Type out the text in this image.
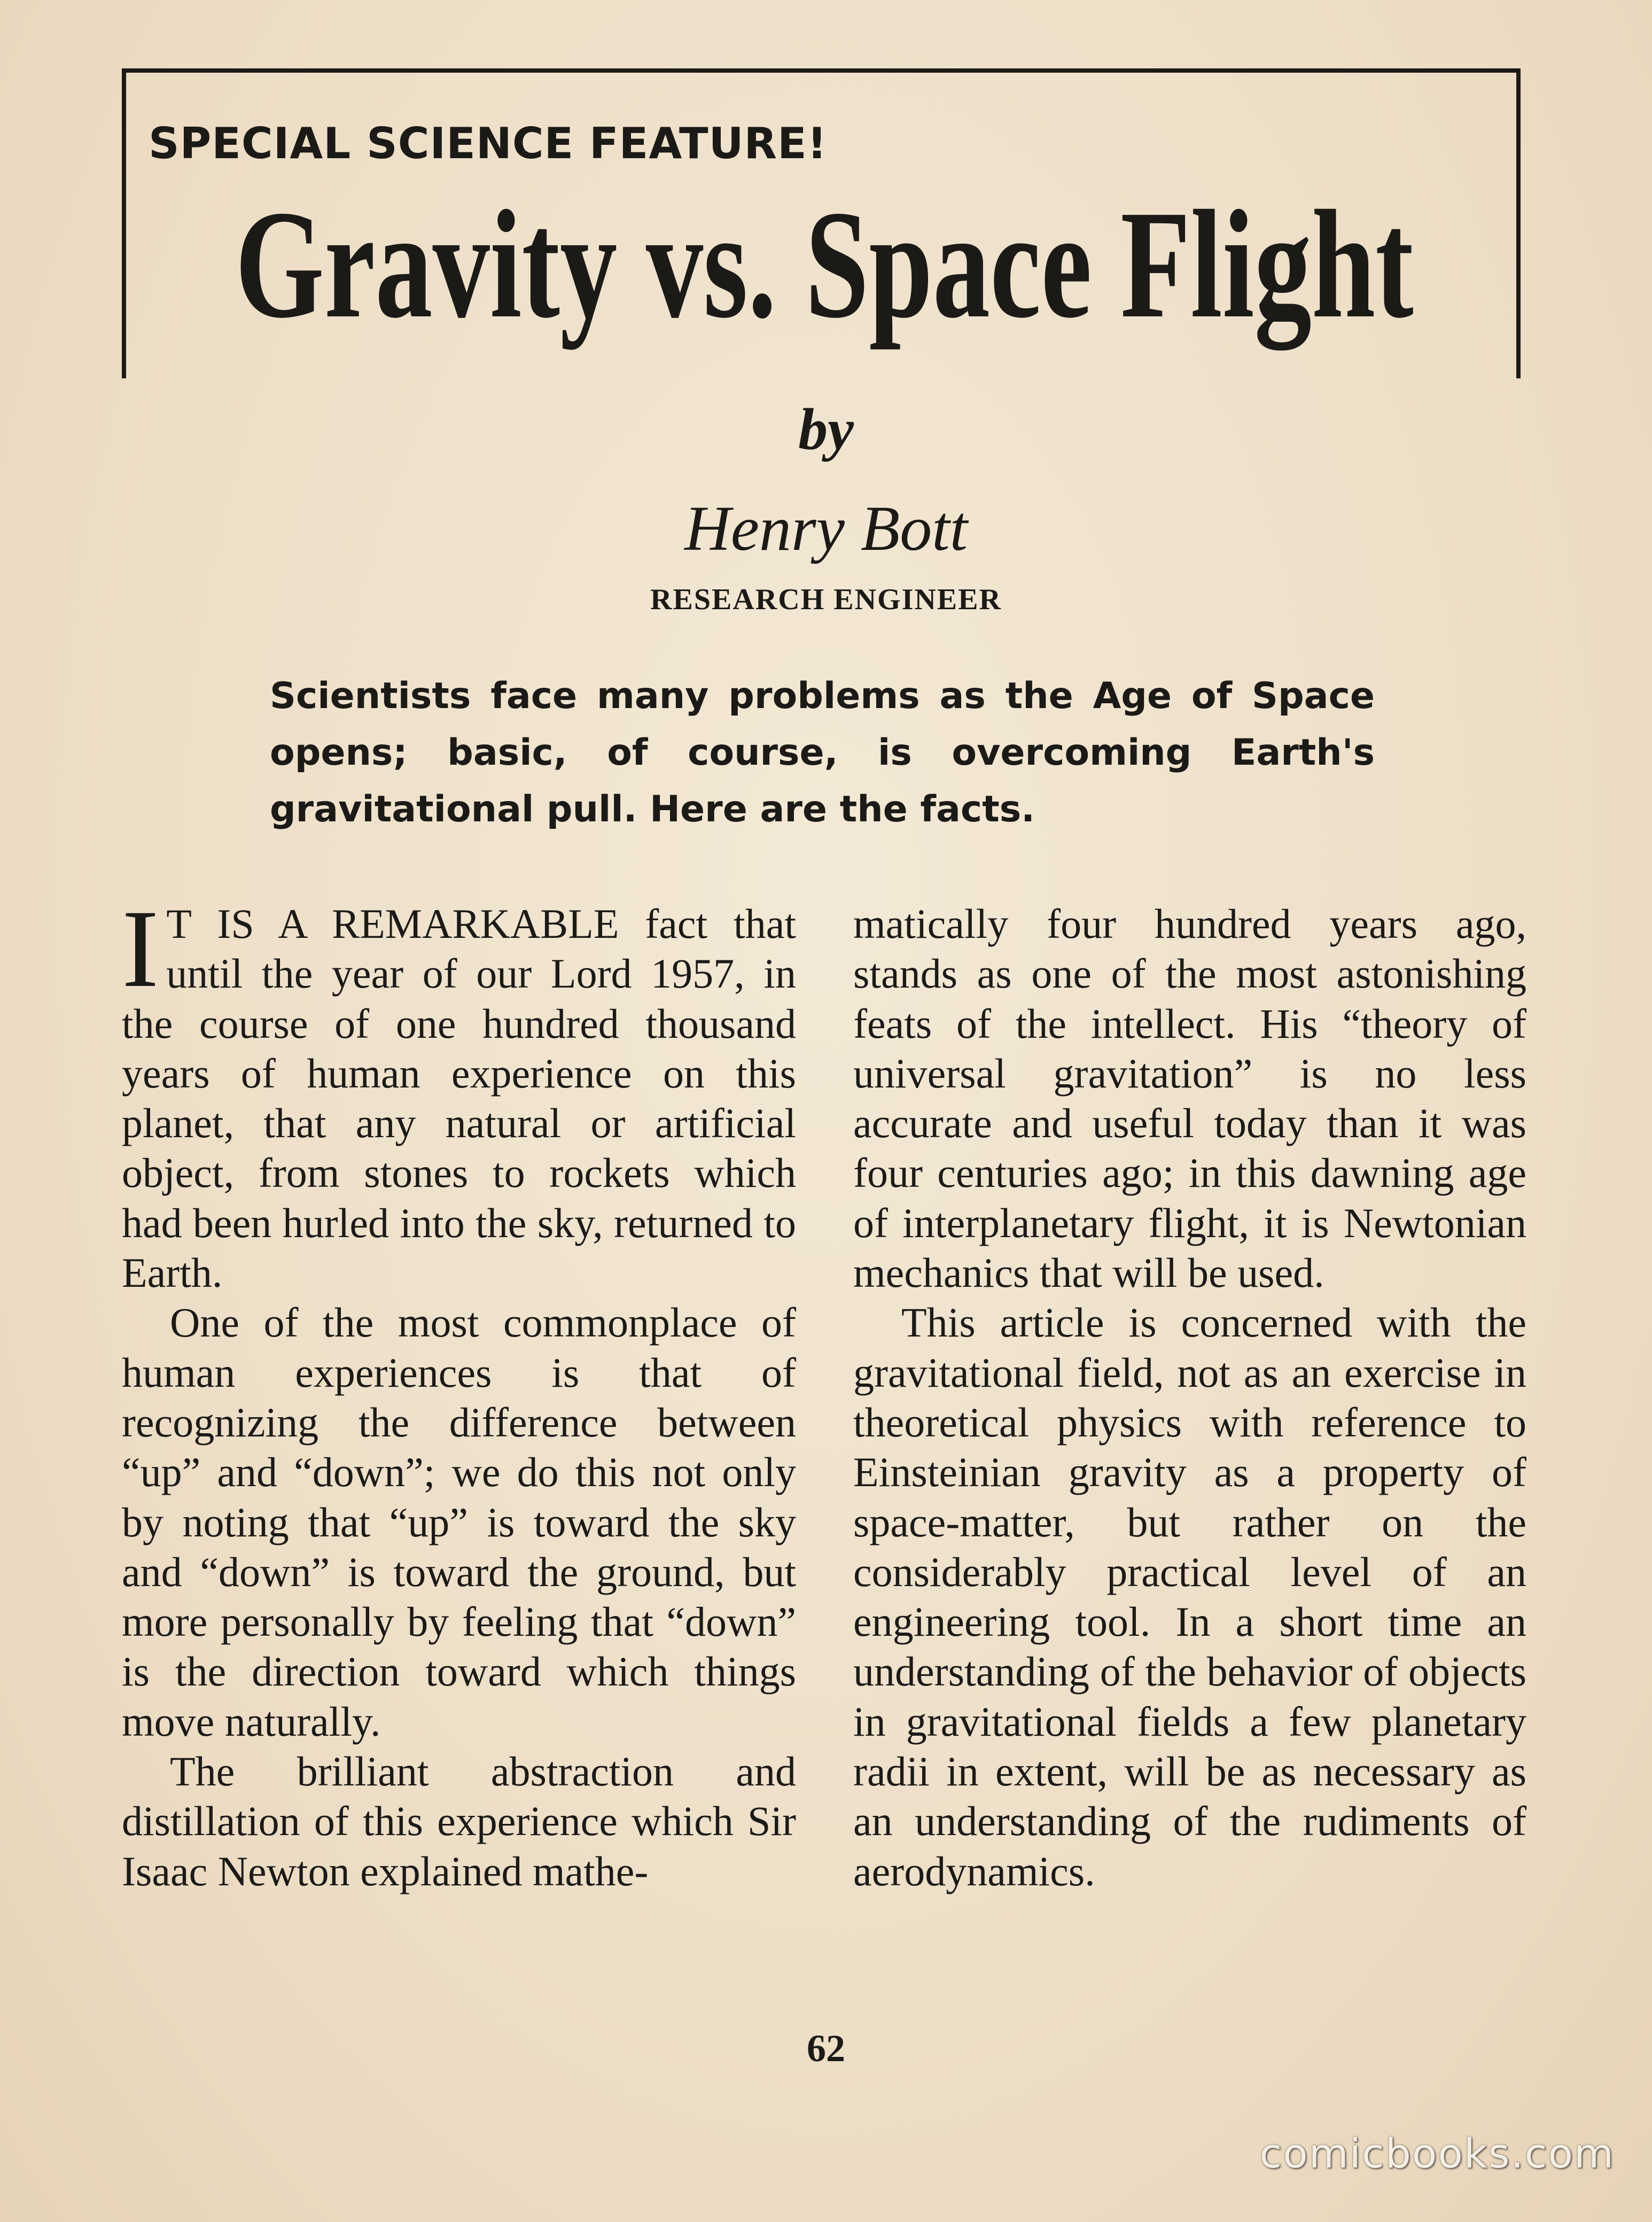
SPECIAL SCIENCE FEATURE!
Gravity vs. Space Flight
by
Henry Bott
RESEARCH ENGINEER
Scientists face many problems as the Age of Space opens; basic, of course, is overcoming Earth's gravitational pull. Here are the facts.

I T IS A REMARKABLE fact that until the year of our Lord 1957, in the course of one hundred thousand years of human experience on this planet, that any natural or artificial object, from stones to rockets which had been hurled into the sky, returned to Earth.

One of the most commonplace of human experiences is that of recognizing the difference between “up” and “down”; we do this not only by noting that “up” is toward the sky and “down” is toward the ground, but more personally by feeling that “down” is the direction toward which things move naturally.

The brilliant abstraction and distillation of this experience which Sir Isaac Newton explained mathe-

matically four hundred years ago, stands as one of the most astonishing feats of the intellect. His “theory of universal gravitation” is no less accurate and useful today than it was four centuries ago; in this dawning age of interplanetary flight, it is Newtonian mechanics that will be used.

This article is concerned with the gravitational field, not as an exercise in theoretical physics with reference to Einsteinian gravity as a property of space-matter, but rather on the considerably practical level of an engineering tool. In a short time an understanding of the behavior of objects in gravitational fields a few planetary radii in extent, will be as necessary as an understanding of the rudiments of aerodynamics.

62
comicbooks.com
